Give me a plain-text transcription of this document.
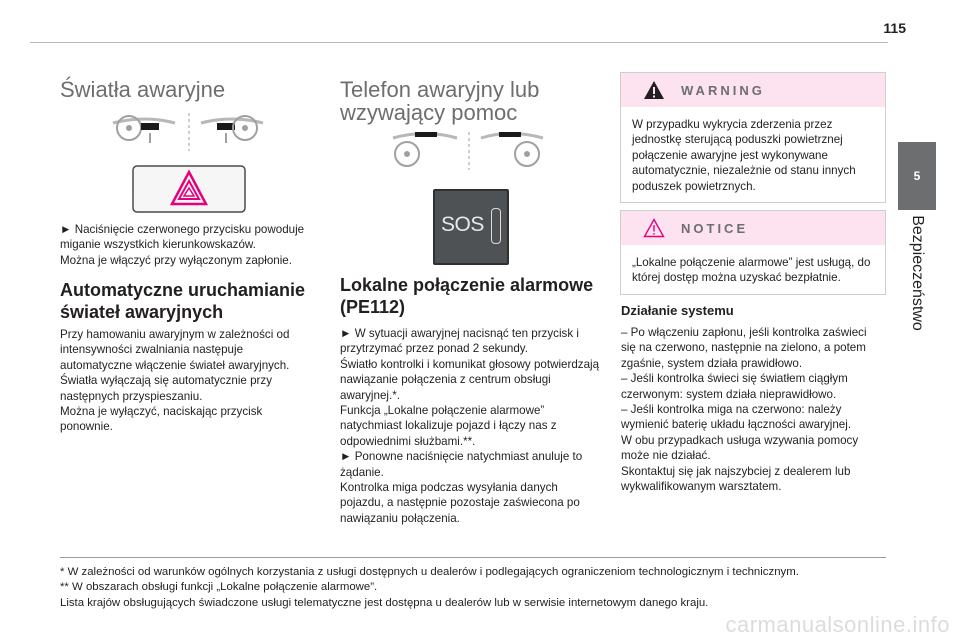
115
5
Bezpieczeństwo
Światła awaryjne

► Naciśnięcie czerwonego przycisku powoduje miganie wszystkich kierunkowskazów.
Można je włączyć przy wyłączonym zapłonie.

Automatyczne uruchamianie świateł awaryjnych

Przy hamowaniu awaryjnym w zależności od intensywności zwalniania następuje automatyczne włączenie świateł awaryjnych.
Światła wyłączają się automatycznie przy następnych przyspieszaniu.
Można je wyłączyć, naciskając przycisk ponownie.

Telefon awaryjny lub wzywający pomoc
SOS
Lokalne połączenie alarmowe (PE112)

► W sytuacji awaryjnej nacisnąć ten przycisk i przytrzymać przez ponad 2 sekundy.
Światło kontrolki i komunikat głosowy potwierdzają nawiązanie połączenia z centrum obsługi awaryjnej.*.
Funkcja „Lokalne połączenie alarmowe” natychmiast lokalizuje pojazd i łączy nas z odpowiednimi służbami.**.
► Ponowne naciśnięcie natychmiast anuluje to żądanie.
Kontrolka miga podczas wysyłania danych pojazdu, a następnie pozostaje zaświecona po nawiązaniu połączenia.

WARNING

W przypadku wykrycia zderzenia przez jednostkę sterującą poduszki powietrznej połączenie awaryjne jest wykonywane automatycznie, niezależnie od stanu innych poduszek powietrznych.

NOTICE

„Lokalne połączenie alarmowe” jest usługą, do której dostęp można uzyskać bezpłatnie.

Działanie systemu

– Po włączeniu zapłonu, jeśli kontrolka zaświeci się na czerwono, następnie na zielono, a potem zgaśnie, system działa prawidłowo.
– Jeśli kontrolka świeci się światłem ciągłym czerwonym: system działa nieprawidłowo.
– Jeśli kontrolka miga na czerwono: należy wymienić baterię układu łączności awaryjnej.
W obu przypadkach usługa wzywania pomocy może nie działać.
Skontaktuj się jak najszybciej z dealerem lub wykwalifikowanym warsztatem.

* W zależności od warunków ogólnych korzystania z usługi dostępnych u dealerów i podlegających ograniczeniom technologicznym i technicznym.
** W obszarach obsługi funkcji „Lokalne połączenie alarmowe”.
Lista krajów obsługujących świadczone usługi telematyczne jest dostępna u dealerów lub w serwisie internetowym danego kraju.
carmanualsonline.info
